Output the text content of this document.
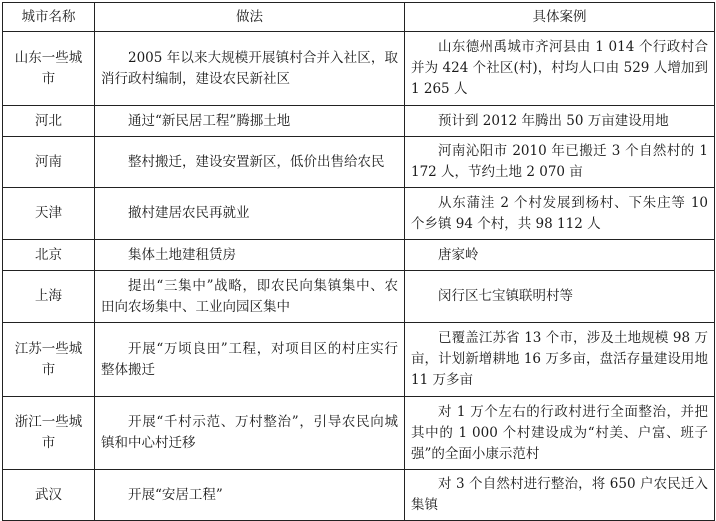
城市名称	做法	具体案例
山东一些城市	2005 年以来大规模开展镇村合并入社区，取消行政村编制，建设农民新社区	山东德州禹城市齐河县由 1 014 个行政村合并为 424 个社区(村)，村均人口由 529 人增加到 1 265 人
河北	通过“新民居工程”腾挪土地	预计到 2012 年腾出 50 万亩建设用地
河南	整村搬迁，建设安置新区，低价出售给农民	河南沁阳市 2010 年已搬迁 3 个自然村的 1 172 人，节约土地 2 070 亩
天津	撤村建居农民再就业	从东蒲洼 2 个村发展到杨村、下朱庄等 10 个乡镇 94 个村，共 98 112 人
北京	集体土地建租赁房	唐家岭
上海	提出“三集中”战略，即农民向集镇集中、农田向农场集中、工业向园区集中	闵行区七宝镇联明村等
江苏一些城市	开展“万顷良田”工程，对项目区的村庄实行整体搬迁	已覆盖江苏省 13 个市，涉及土地规模 98 万亩，计划新增耕地 16 万多亩，盘活存量建设用地 11 万多亩
浙江一些城市	开展“千村示范、万村整治”，引导农民向城镇和中心村迁移	对 1 万个左右的行政村进行全面整治，并把其中的 1 000 个村建设成为“村美、户富、班子强”的全面小康示范村
武汉	开展“安居工程”	对 3 个自然村进行整治，将 650 户农民迁入集镇
